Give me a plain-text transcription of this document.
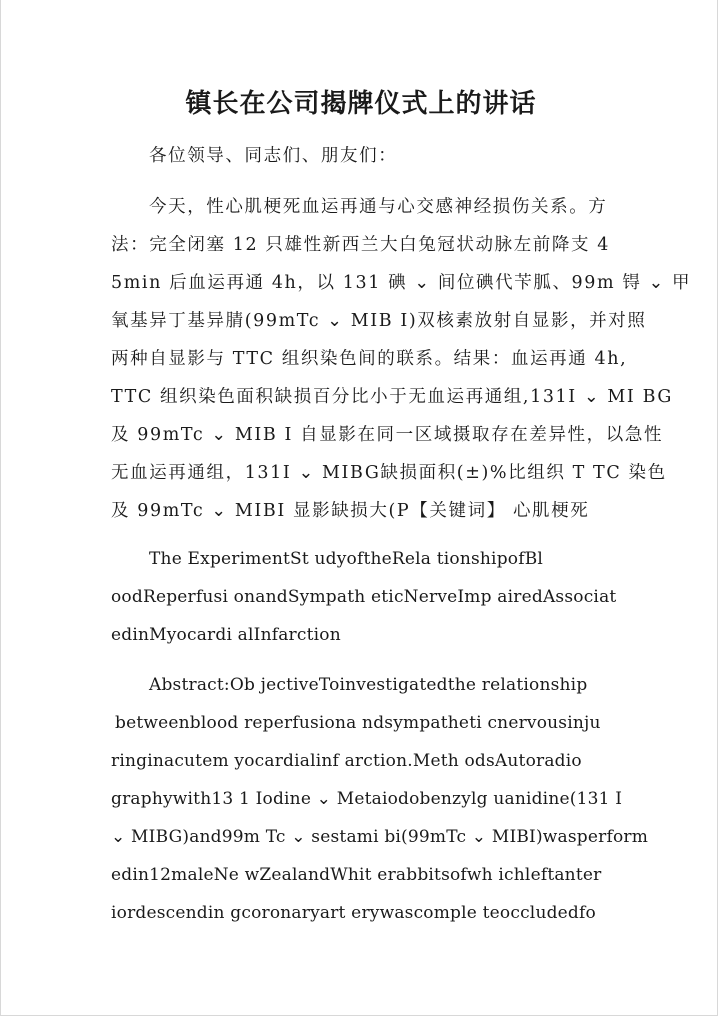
镇长在公司揭牌仪式上的讲话
各位领导、同志们、朋友们：
今天，性心肌梗死血运再通与心交感神经损伤关系。方
法：完全闭塞 12 只雄性新西兰大白兔冠状动脉左前降支 4
5min 后血运再通 4h，以 131 碘 ⌄ 间位碘代苄胍、99m 锝 ⌄ 甲
氧基异丁基异腈(99mTc ⌄ MIB I)双核素放射自显影，并对照
两种自显影与 TTC 组织染色间的联系。结果：血运再通 4h,
TTC 组织染色面积缺损百分比小于无血运再通组,131I ⌄ MI BG
及 99mTc ⌄ MIB I 自显影在同一区域摄取存在差异性，以急性
无血运再通组，131I ⌄ MIBG缺损面积(±)%比组织 T TC 染色
及 99mTc ⌄ MIBI 显影缺损大(P【关键词】 心肌梗死
The ExperimentSt udyoftheRela tionshipofBl
oodReperfusi onandSympath eticNerveImp airedAssociat
edinMyocardi alInfarction
Abstract:Ob jectiveToinvestigatedthe relationship
betweenblood reperfusiona ndsympatheti cnervousinju
ringinacutem yocardialinf arction.Meth odsAutoradio
graphywith13 1 Iodine ⌄ Metaiodobenzylg uanidine(131 I
⌄ MIBG)and99m Tc ⌄ sestami bi(99mTc ⌄ MIBI)wasperform
edin12maleNe wZealandWhit erabbitsofwh ichleftanter
iordescendin gcoronaryart erywascomple teoccludedfo
